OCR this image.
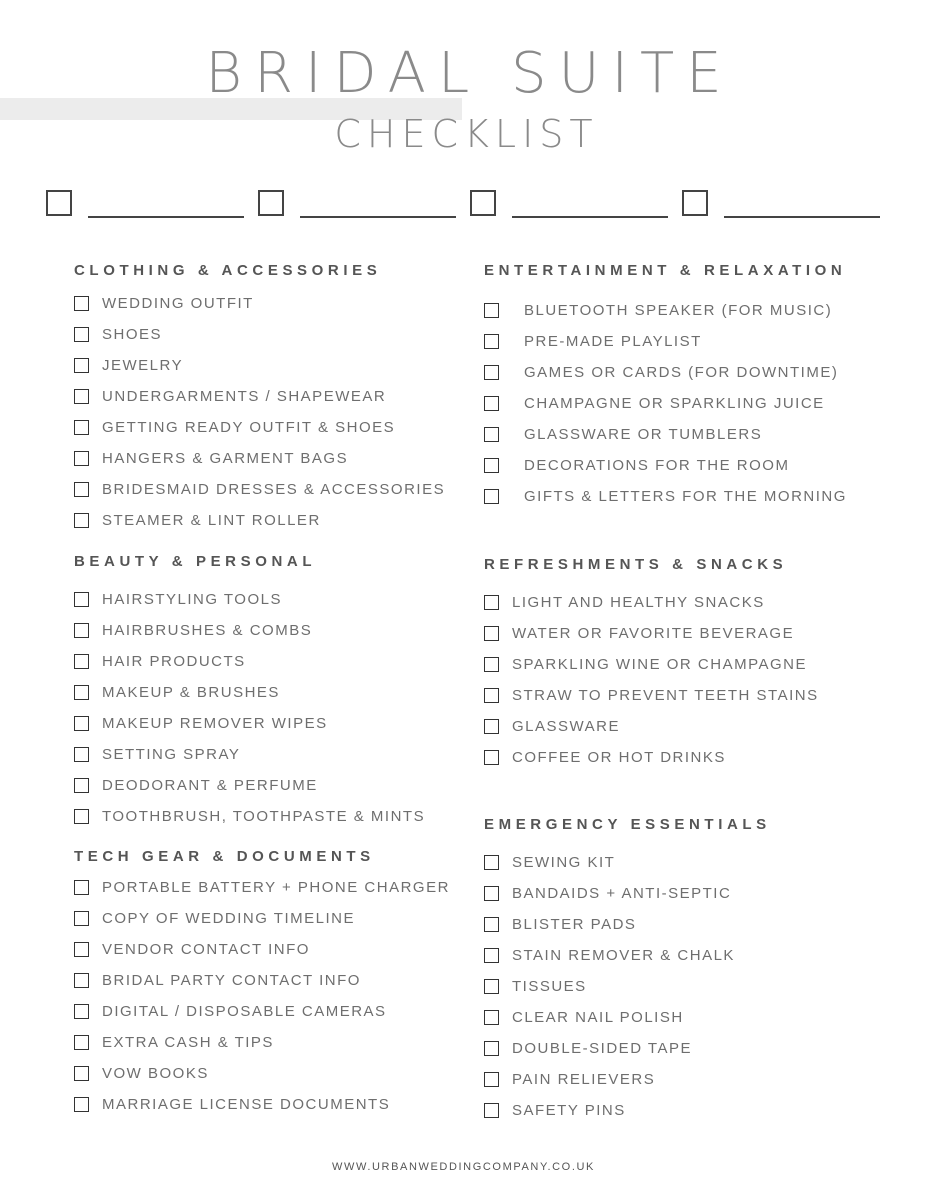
BRIDAL SUITE
CHECKLIST
CLOTHING & ACCESSORIES
WEDDING OUTFIT
SHOES
JEWELRY
UNDERGARMENTS / SHAPEWEAR
GETTING READY OUTFIT & SHOES
HANGERS & GARMENT BAGS
BRIDESMAID DRESSES & ACCESSORIES
STEAMER & LINT ROLLER
BEAUTY & PERSONAL
HAIRSTYLING TOOLS
HAIRBRUSHES & COMBS
HAIR PRODUCTS
MAKEUP & BRUSHES
MAKEUP REMOVER WIPES
SETTING SPRAY
DEODORANT & PERFUME
TOOTHBRUSH, TOOTHPASTE & MINTS
TECH GEAR & DOCUMENTS
PORTABLE BATTERY + PHONE CHARGER
COPY OF WEDDING TIMELINE
VENDOR CONTACT INFO
BRIDAL PARTY CONTACT INFO
DIGITAL / DISPOSABLE CAMERAS
EXTRA CASH & TIPS
VOW BOOKS
MARRIAGE LICENSE DOCUMENTS
ENTERTAINMENT & RELAXATION
BLUETOOTH SPEAKER (FOR MUSIC)
PRE-MADE PLAYLIST
GAMES OR CARDS (FOR DOWNTIME)
CHAMPAGNE OR SPARKLING JUICE
GLASSWARE OR TUMBLERS
DECORATIONS FOR THE ROOM
GIFTS & LETTERS FOR THE MORNING
REFRESHMENTS & SNACKS
LIGHT AND HEALTHY SNACKS
WATER OR FAVORITE BEVERAGE
SPARKLING WINE OR CHAMPAGNE
STRAW TO PREVENT TEETH STAINS
GLASSWARE
COFFEE OR HOT DRINKS
EMERGENCY ESSENTIALS
SEWING KIT
BANDAIDS + ANTI-SEPTIC
BLISTER PADS
STAIN REMOVER & CHALK
TISSUES
CLEAR NAIL POLISH
DOUBLE-SIDED TAPE
PAIN RELIEVERS
SAFETY PINS
WWW.URBANWEDDINGCOMPANY.CO.UK
